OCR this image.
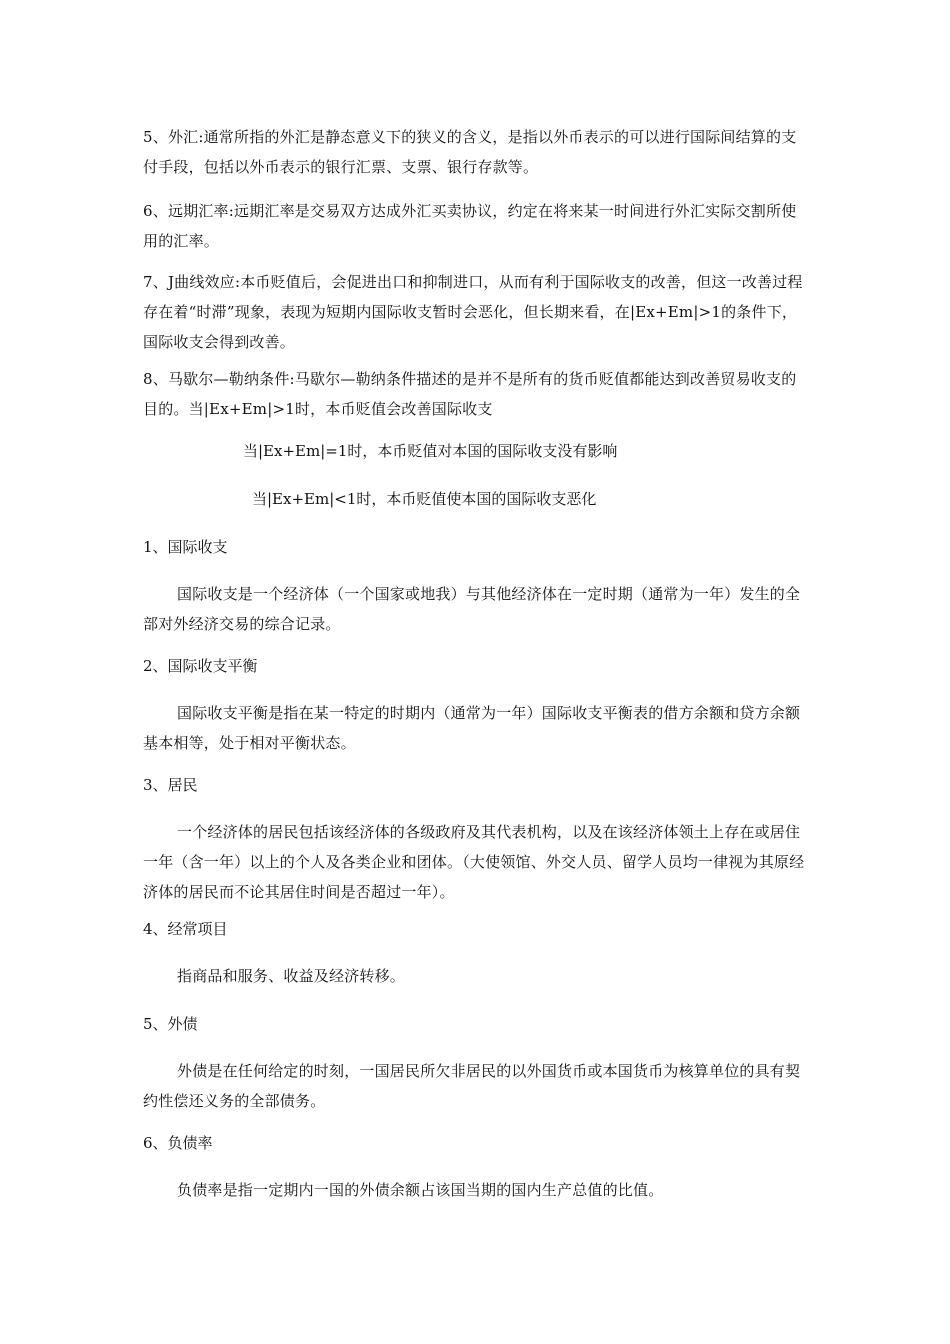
5、外汇:通常所指的外汇是静态意义下的狭义的含义，是指以外币表示的可以进行国际间结算的支付手段，包括以外币表示的银行汇票、支票、银行存款等。

6、远期汇率:远期汇率是交易双方达成外汇买卖协议，约定在将来某一时间进行外汇实际交割所使用的汇率。

7、J曲线效应:本币贬值后，会促进出口和抑制进口，从而有利于国际收支的改善，但这一改善过程存在着“时滞”现象，表现为短期内国际收支暂时会恶化，但长期来看，在|Ex+Em|>1的条件下，国际收支会得到改善。

8、马歇尔—勒纳条件:马歇尔—勒纳条件描述的是并不是所有的货币贬值都能达到改善贸易收支的目的。当|Ex+Em|>1时，本币贬值会改善国际收支

当|Ex+Em|=1时，本币贬值对本国的国际收支没有影响

当|Ex+Em|<1时，本币贬值使本国的国际收支恶化

1、国际收支

国际收支是一个经济体（一个国家或地我）与其他经济体在一定时期（通常为一年）发生的全部对外经济交易的综合记录。

2、国际收支平衡

国际收支平衡是指在某一特定的时期内（通常为一年）国际收支平衡表的借方余额和贷方余额基本相等，处于相对平衡状态。

3、居民

一个经济体的居民包括该经济体的各级政府及其代表机构，以及在该经济体领土上存在或居住一年（含一年）以上的个人及各类企业和团体。（大使领馆、外交人员、留学人员均一律视为其原经济体的居民而不论其居住时间是否超过一年）。

4、经常项目

指商品和服务、收益及经济转移。

5、外债

外债是在任何给定的时刻，一国居民所欠非居民的以外国货币或本国货币为核算单位的具有契约性偿还义务的全部债务。

6、负债率

负债率是指一定期内一国的外债余额占该国当期的国内生产总值的比值。
